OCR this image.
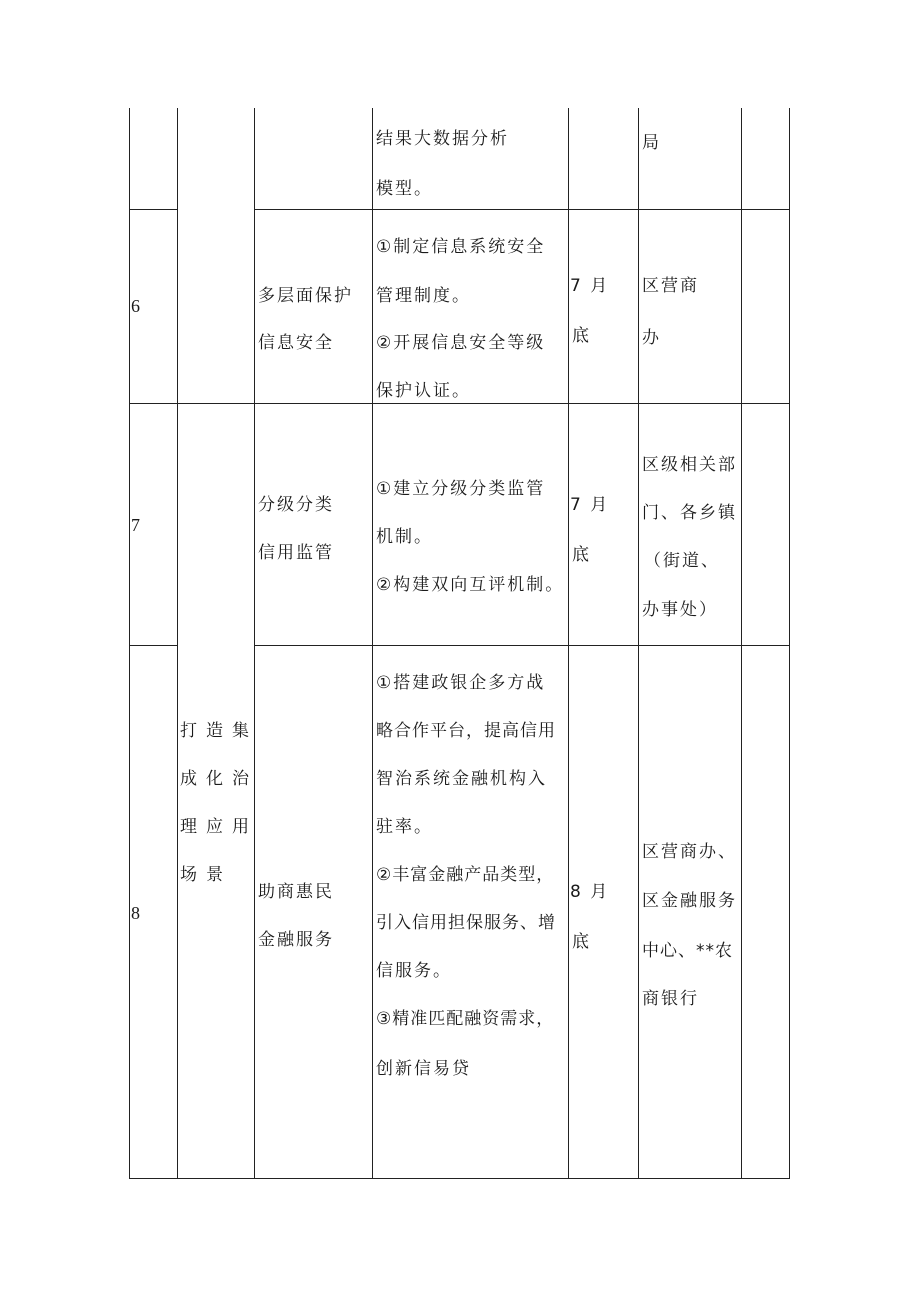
结果大数据分析
模型。
局
6	多层面保护
信息安全
①制定信息系统安全
管理制度。
②开展信息安全等级
保护认证。
7 月
底
区营商
办
7
分级分类
信用监管
①建立分级分类监管
机制。
②构建双向互评机制。
7 月
底
区级相关部
门、各乡镇
（街道、
办事处）
8
打造集
成化治
理应用
场景
助商惠民
金融服务
①搭建政银企多方战
略合作平台，提高信用
智治系统金融机构入
驻率。
②丰富金融产品类型，
引入信用担保服务、增
信服务。
③精准匹配融资需求，
创新信易贷
8 月
底
区营商办、
区金融服务
中心、**农
商银行
